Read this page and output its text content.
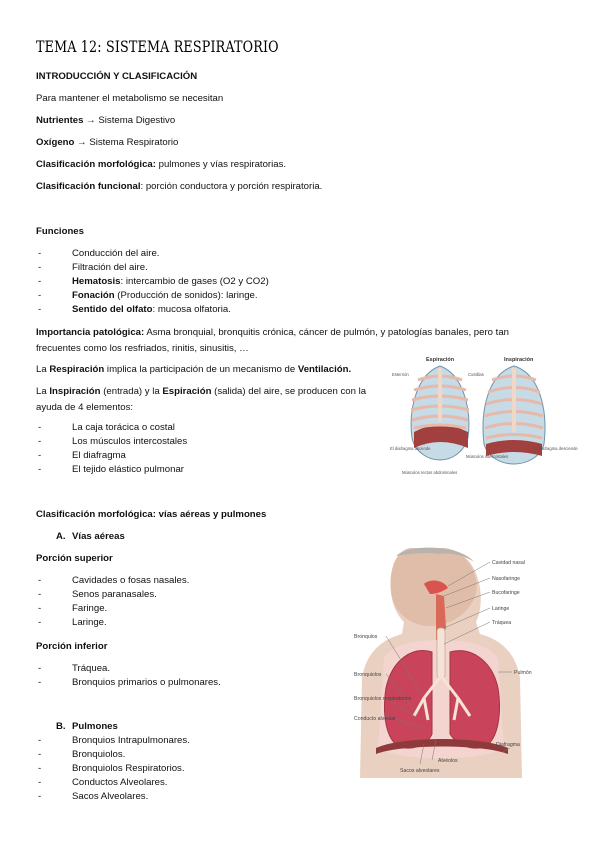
TEMA 12: SISTEMA RESPIRATORIO
INTRODUCCIÓN Y CLASIFICACIÓN
Para mantener el metabolismo se necesitan
Nutrientes → Sistema Digestivo
Oxígeno → Sistema Respiratorio
Clasificación morfológica: pulmones y vías respiratorias.
Clasificación funcional: porción conductora y porción respiratoria.
Funciones
-	Conducción del aire.
-	Filtración del aire.
-	Hematosis: intercambio de gases (O2 y CO2)
-	Fonación (Producción de sonidos): laringe.
-	Sentido del olfato: mucosa olfatoria.
Importancia patológica: Asma bronquial, bronquitis crónica, cáncer de pulmón, y patologías banales, pero tan frecuentes como los resfriados, rinitis, sinusitis, …
La Respiración implica la participación de un mecanismo de Ventilación.
La Inspiración (entrada) y la Espiración (salida) del aire, se producen con la ayuda de 4 elementos:
-	La caja torácica o costal
-	Los músculos intercostales
-	El diafragma
-	El tejido elástico pulmonar
Espiración	Inspiración
Esternón	Costillas
El diafragma ascende
Músculos intercostales
El diafragma desciende
Músculos rectos abdominales
Clasificación morfológica: vías aéreas y pulmones
A. Vías aéreas
Porción superior
-	Cavidades o fosas nasales.
-	Senos paranasales.
-	Faringe.
-	Laringe.
Porción inferior
-	Tráquea.
-	Bronquios primarios o pulmonares.
B. Pulmones
-	Bronquios Intrapulmonares.
-	Bronquiolos.
-	Bronquiolos Respiratorios.
-	Conductos Alveolares.
-	Sacos Alveolares.
Cavidad nasal
Nasofaringe
Bucofaringe
Laringe
Tráquea
Pulmón
Diafragma
Bronquios
Bronquiolos
Bronquiolos respiratorios
Conducto alveolar
Alvéolos
Sacos alveolares
